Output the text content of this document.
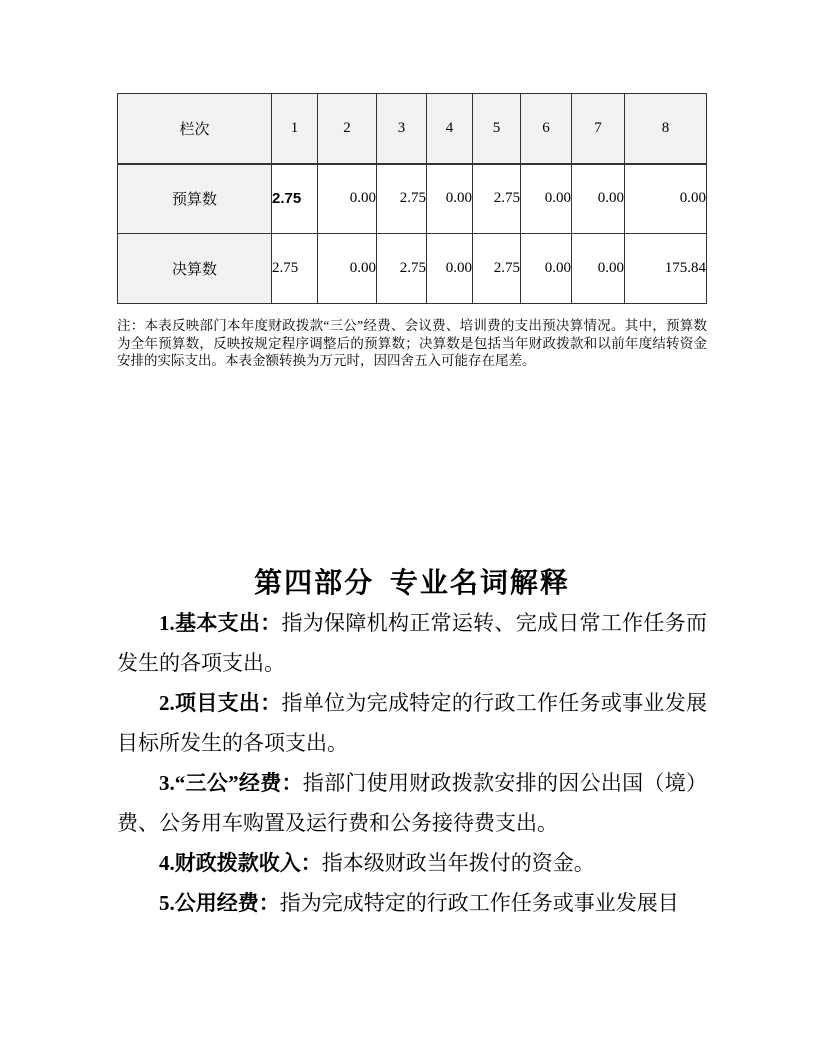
栏次	1	2	3	4	5	6	7	8
预算数	2.75	0.00	2.75	0.00	2.75	0.00	0.00	0.00
决算数	2.75	0.00	2.75	0.00	2.75	0.00	0.00	175.84

注：本表反映部门本年度财政拨款“三公”经费、会议费、培训费的支出预决算情况。其中，预算数为全年预算数，反映按规定程序调整后的预算数；决算数是包括当年财政拨款和以前年度结转资金安排的实际支出。本表金额转换为万元时，因四舍五入可能存在尾差。

第四部分 专业名词解释

1.基本支出：指为保障机构正常运转、完成日常工作任务而发生的各项支出。

2.项目支出：指单位为完成特定的行政工作任务或事业发展目标所发生的各项支出。

3.“三公”经费：指部门使用财政拨款安排的因公出国（境）费、公务用车购置及运行费和公务接待费支出。

4.财政拨款收入：指本级财政当年拨付的资金。

5.公用经费：指为完成特定的行政工作任务或事业发展目
